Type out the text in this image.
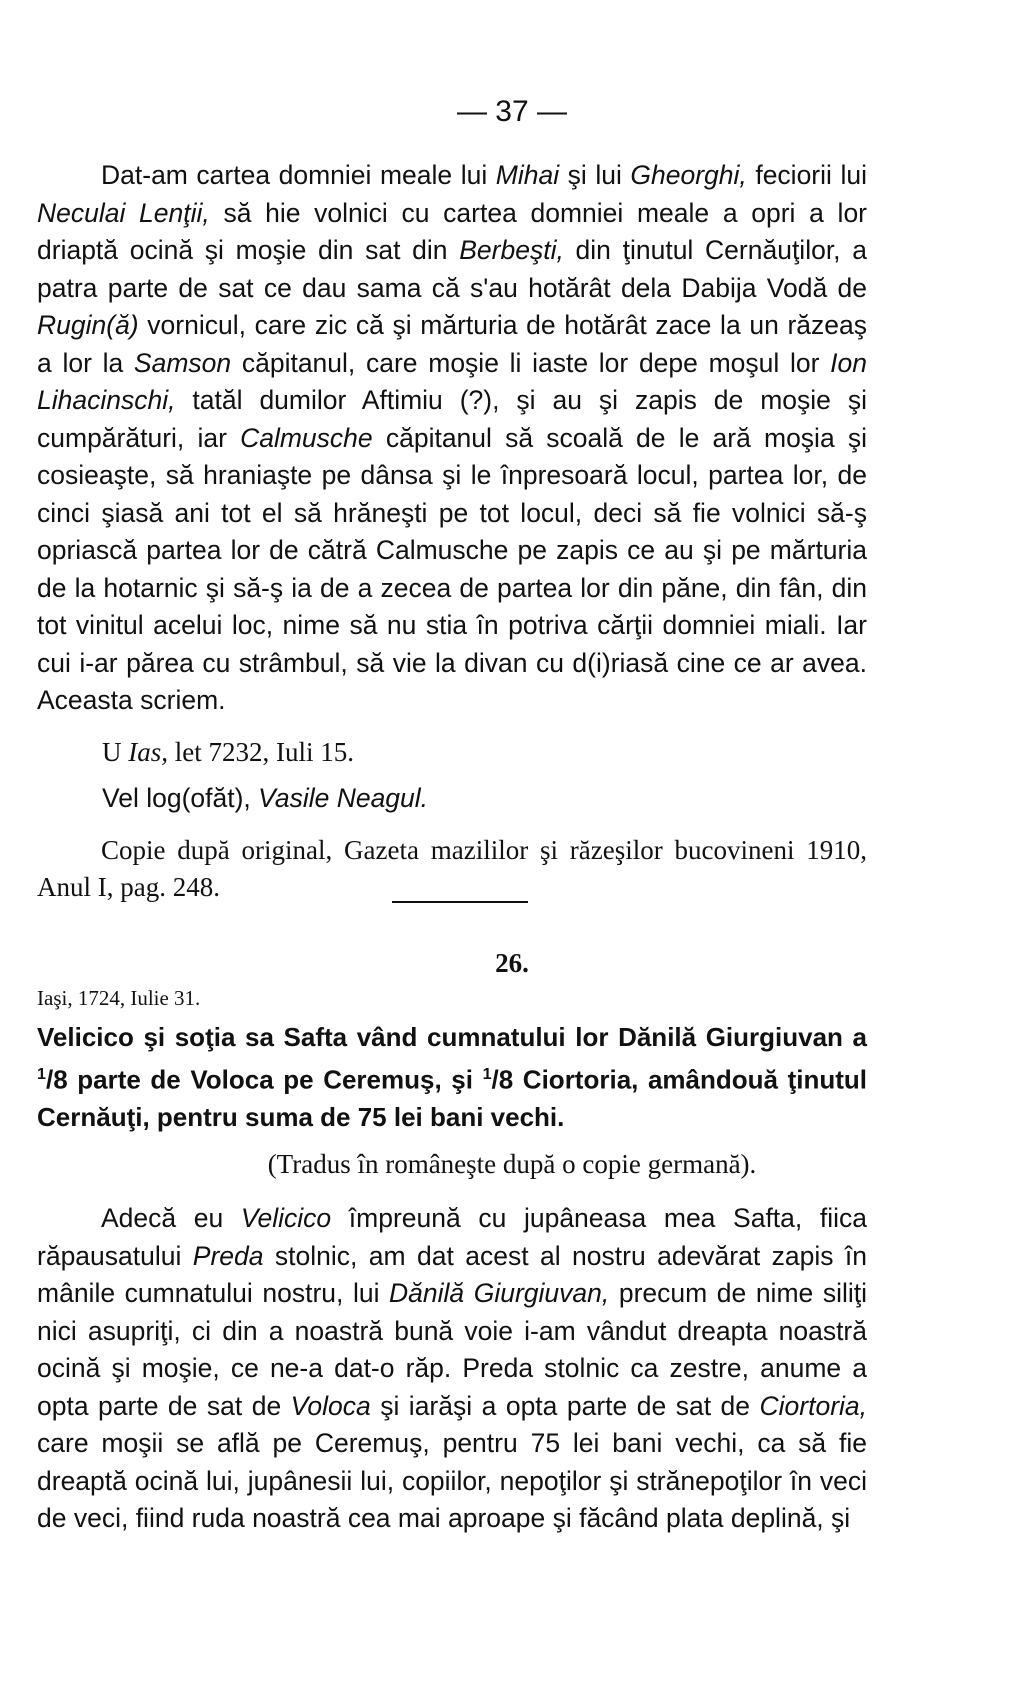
— 37 —
Dat-am cartea domniei meale lui Mihai şi lui Gheorghi, feciorii lui Neculai Lenţii, să hie volnici cu cartea domniei meale a opri a lor driaptă ocină şi moşie din sat din Berbeşti, din ţinutul Cernăuţilor, a patra parte de sat ce dau sama că s'au hotărât dela Dabija Vodă de Rugin(ă) vornicul, care zic că şi mărturia de hotărât zace la un răzeaş a lor la Samson căpitanul, care moşie li iaste lor depe moşul lor Ion Lihacinschi, tatăl dumilor Aftimiu (?), şi au şi zapis de moşie şi cumpărături, iar Calmusche căpitanul să scoală de le ară moşia şi cosieaşte, să hraniaşte pe dânsa şi le înpresoară locul, partea lor, de cinci şiasă ani tot el să hrăneşti pe tot locul, deci să fie volnici să-ş opriască partea lor de cătră Calmusche pe zapis ce au şi pe mărturia de la hotarnic şi să-ş ia de a zecea de partea lor din păne, din fân, din tot vinitul acelui loc, nime să nu stia în potriva cărţii domniei miali. Iar cui i-ar părea cu strâmbul, să vie la divan cu d(i)riasă cine ce ar avea. Aceasta scriem.
U Ias, let 7232, Iuli 15.
Vel log(ofăt), Vasile Neagul.
Copie după original, Gazeta mazililor şi răzeşilor bucovineni 1910, Anul I, pag. 248.
26.
Iaşi, 1724, Iulie 31.
Velicico şi soţia sa Safta vând cumnatului lor Dănilă Giurgiuvan a $^1$/8 parte de Voloca pe Ceremuş, şi $^1$/8 Ciortoria, amândouă ţinutul Cernăuţi, pentru suma de 75 lei bani vechi.
(Tradus în româneşte după o copie germană).
Adecă eu Velicico împreună cu jupâneasa mea Safta, fiica răpausatului Preda stolnic, am dat acest al nostru adevărat zapis în mânile cumnatului nostru, lui Dănilă Giurgiuvan, precum de nime siliţi nici asupriţi, ci din a noastră bună voie i-am vândut dreapta noastră ocină şi moşie, ce ne-a dat-o răp. Preda stolnic ca zestre, anume a opta parte de sat de Voloca şi iarăşi a opta parte de sat de Ciortoria, care moşii se află pe Ceremuş, pentru 75 lei bani vechi, ca să fie dreaptă ocină lui, jupânesii lui, copiilor, nepoţilor şi strănepoţilor în veci de veci, fiind ruda noastră cea mai aproape şi făcând plata deplină, şi
